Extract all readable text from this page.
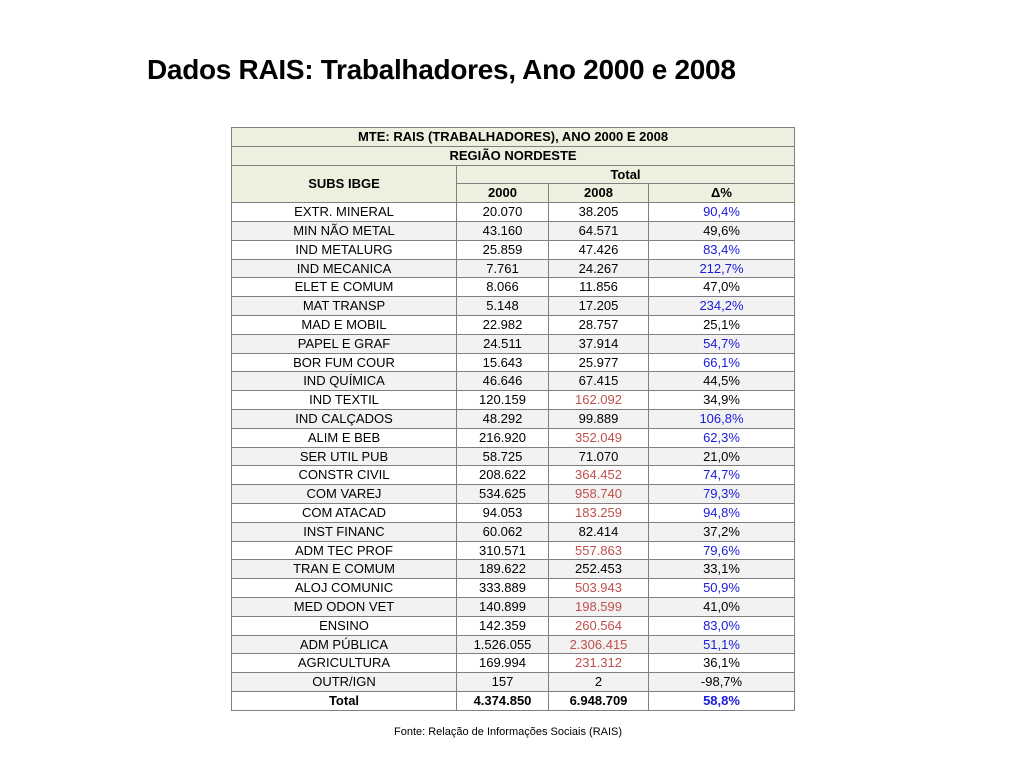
Dados RAIS: Trabalhadores, Ano 2000 e 2008
MTE: RAIS (TRABALHADORES), ANO 2000 E 2008			
REGIÃO NORDESTE			
SUBS IBGE	Total		
	2000	2008	Δ%
EXTR. MINERAL	20.070	38.205	90,4%
MIN NÃO METAL	43.160	64.571	49,6%
IND METALURG	25.859	47.426	83,4%
IND MECANICA	7.761	24.267	212,7%
ELET E COMUM	8.066	11.856	47,0%
MAT TRANSP	5.148	17.205	234,2%
MAD E MOBIL	22.982	28.757	25,1%
PAPEL E GRAF	24.511	37.914	54,7%
BOR FUM COUR	15.643	25.977	66,1%
IND QUÍMICA	46.646	67.415	44,5%
IND TEXTIL	120.159	162.092	34,9%
IND CALÇADOS	48.292	99.889	106,8%
ALIM E BEB	216.920	352.049	62,3%
SER UTIL PUB	58.725	71.070	21,0%
CONSTR CIVIL	208.622	364.452	74,7%
COM VAREJ	534.625	958.740	79,3%
COM ATACAD	94.053	183.259	94,8%
INST FINANC	60.062	82.414	37,2%
ADM TEC PROF	310.571	557.863	79,6%
TRAN E COMUM	189.622	252.453	33,1%
ALOJ COMUNIC	333.889	503.943	50,9%
MED ODON VET	140.899	198.599	41,0%
ENSINO	142.359	260.564	83,0%
ADM PÚBLICA	1.526.055	2.306.415	51,1%
AGRICULTURA	169.994	231.312	36,1%
OUTR/IGN	157	2	-98,7%
Total	4.374.850	6.948.709	58,8%
Fonte: Relação de Informações Sociais (RAIS)
